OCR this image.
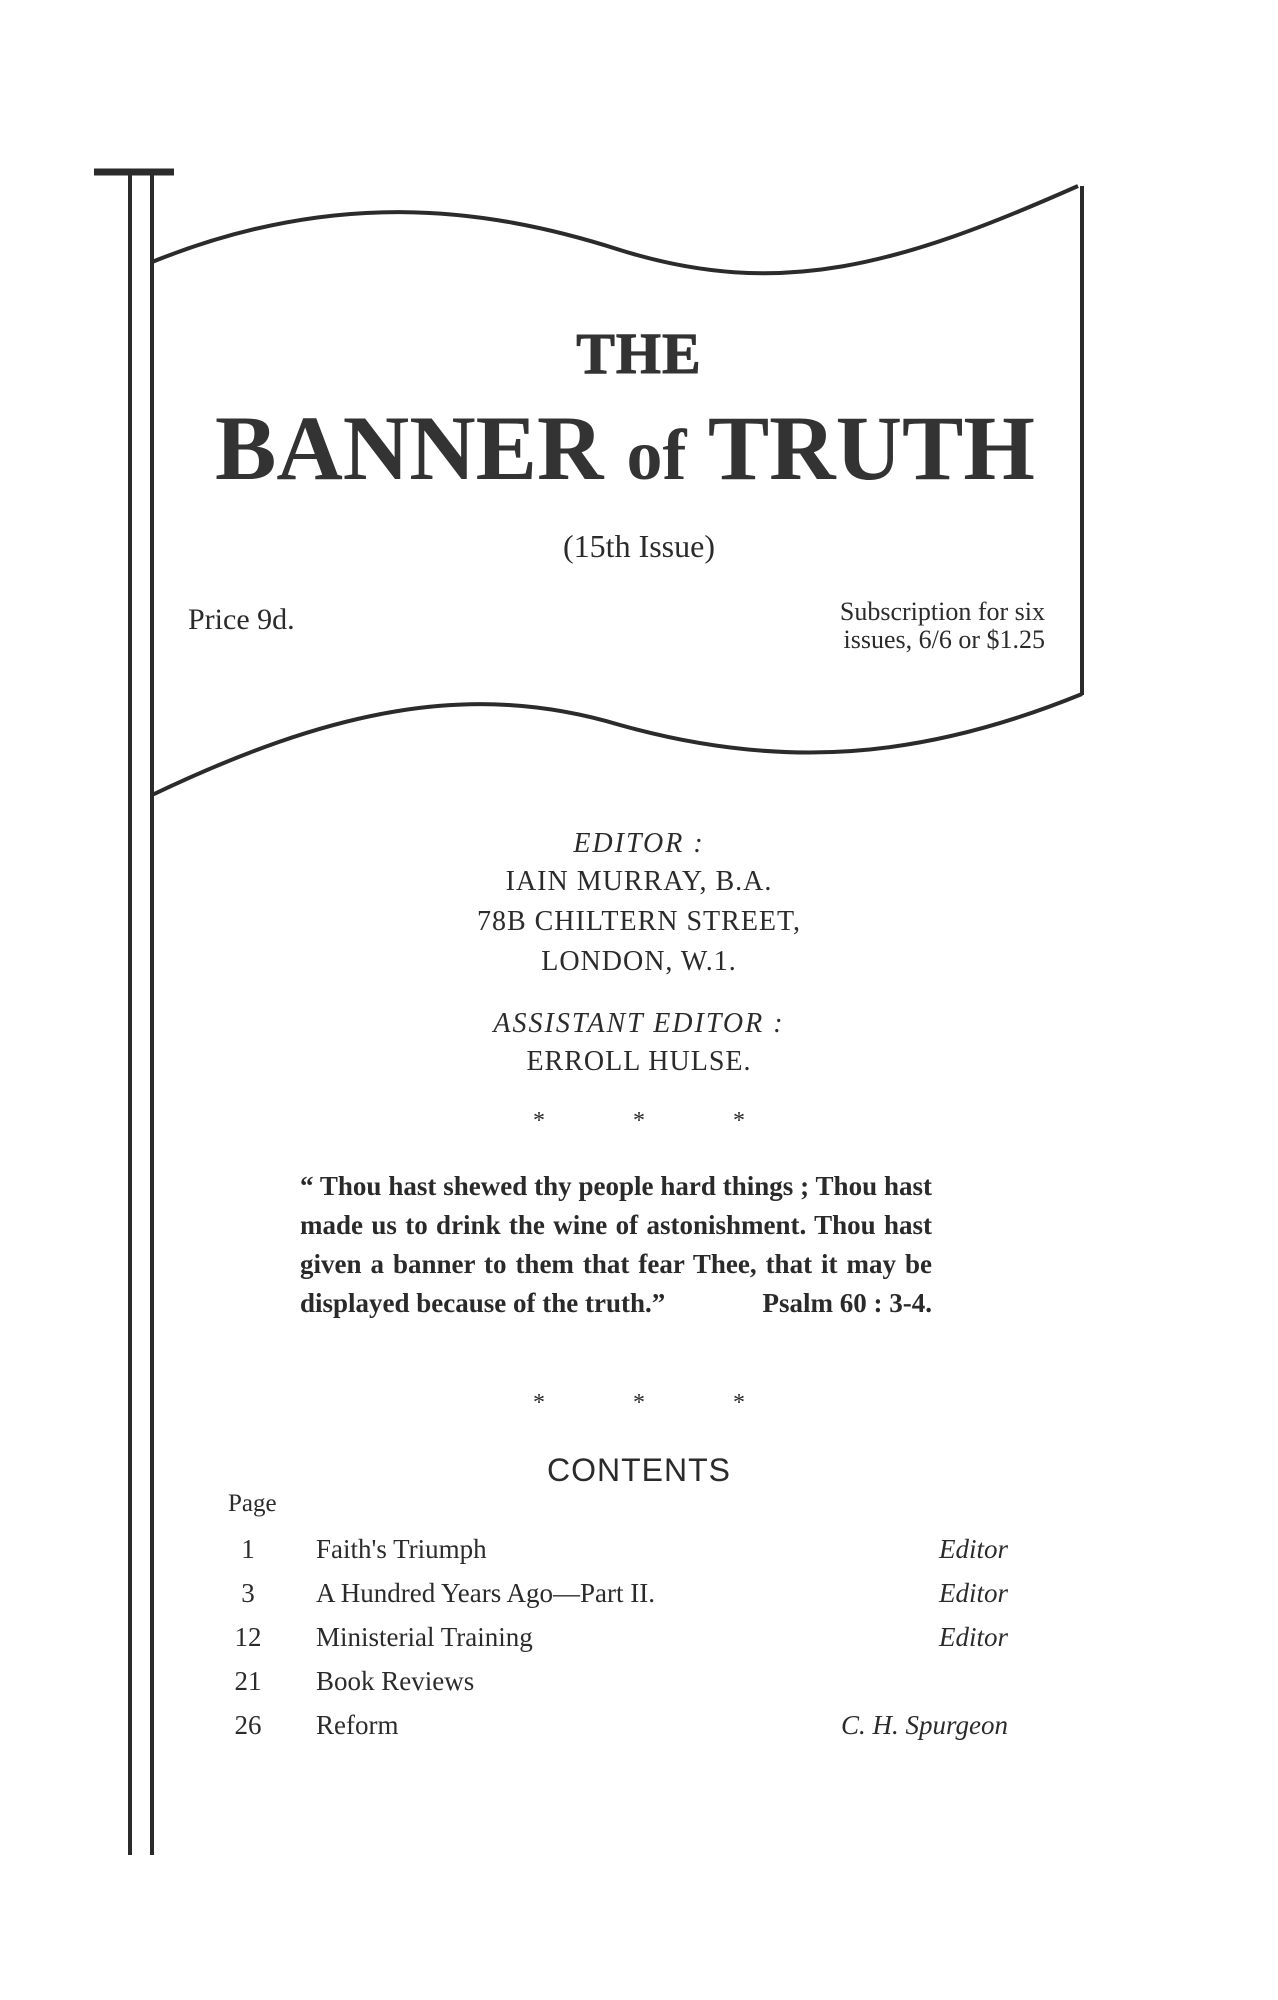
THE
BANNER of TRUTH
(15th Issue)
Price 9d.	Subscription for six
issues, 6/6 or $1.25
EDITOR :
IAIN MURRAY, B.A.
78B CHILTERN STREET,
LONDON, W.1.
ASSISTANT EDITOR :
ERROLL HULSE.
*	*	*
“ Thou hast shewed thy people hard things ; Thou hast made us to drink the wine of astonishment. Thou hast given a banner to them that fear Thee, that it may be displayed because of the truth.”	Psalm 60 : 3-4.
*	*	*
CONTENTS
Page
1	Faith's Triumph	Editor
3	A Hundred Years Ago—Part II.	Editor
12 Ministerial Training	Editor
21 Book Reviews
26 Reform	C. H. Spurgeon
